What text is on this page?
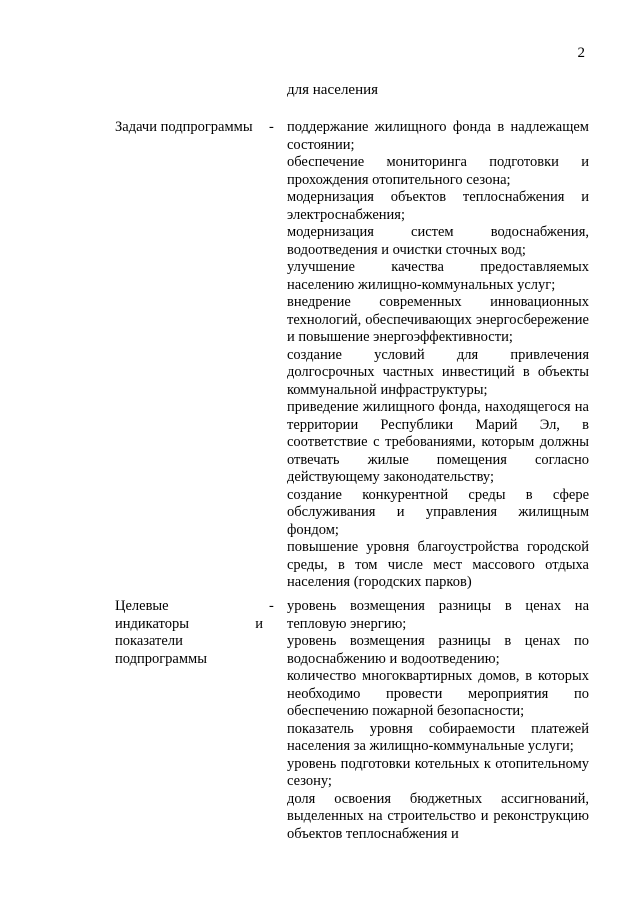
2
для населения
Задачи подпрограммы	- поддержание жилищного фонда в надлежащем состоянии;

обеспечение мониторинга подготовки и прохождения отопительного сезона;

модернизация объектов теплоснабжения и электроснабжения;

модернизация систем водоснабжения, водоотведения и очистки сточных вод;

улучшение качества предоставляемых населению жилищно-коммунальных услуг;

внедрение современных инновационных технологий, обеспечивающих энергосбережение и повышение энергоэффективности;

создание условий для привлечения долгосрочных частных инвестиций в объекты коммунальной инфраструктуры;

приведение жилищного фонда, находящегося на территории Республики Марий Эл, в соответствие с требованиями, которым должны отвечать жилые помещения согласно действующему законодательству;

создание конкурентной среды в сфере обслуживания и управления жилищным фондом;

повышение уровня благоустройства городской среды, в том числе мест массового отдыха населения (городских парков)

Целевые
индикаторы и
показатели
подпрограммы
- уровень возмещения разницы в ценах на тепловую энергию;

уровень возмещения разницы в ценах по водоснабжению и водоотведению;

количество многоквартирных домов, в которых необходимо провести мероприятия по обеспечению пожарной безопасности;

показатель уровня собираемости платежей населения за жилищно-коммунальные услуги;

уровень подготовки котельных к отопительному сезону;

доля освоения бюджетных ассигнований, выделенных на строительство и реконструкцию объектов теплоснабжения и
